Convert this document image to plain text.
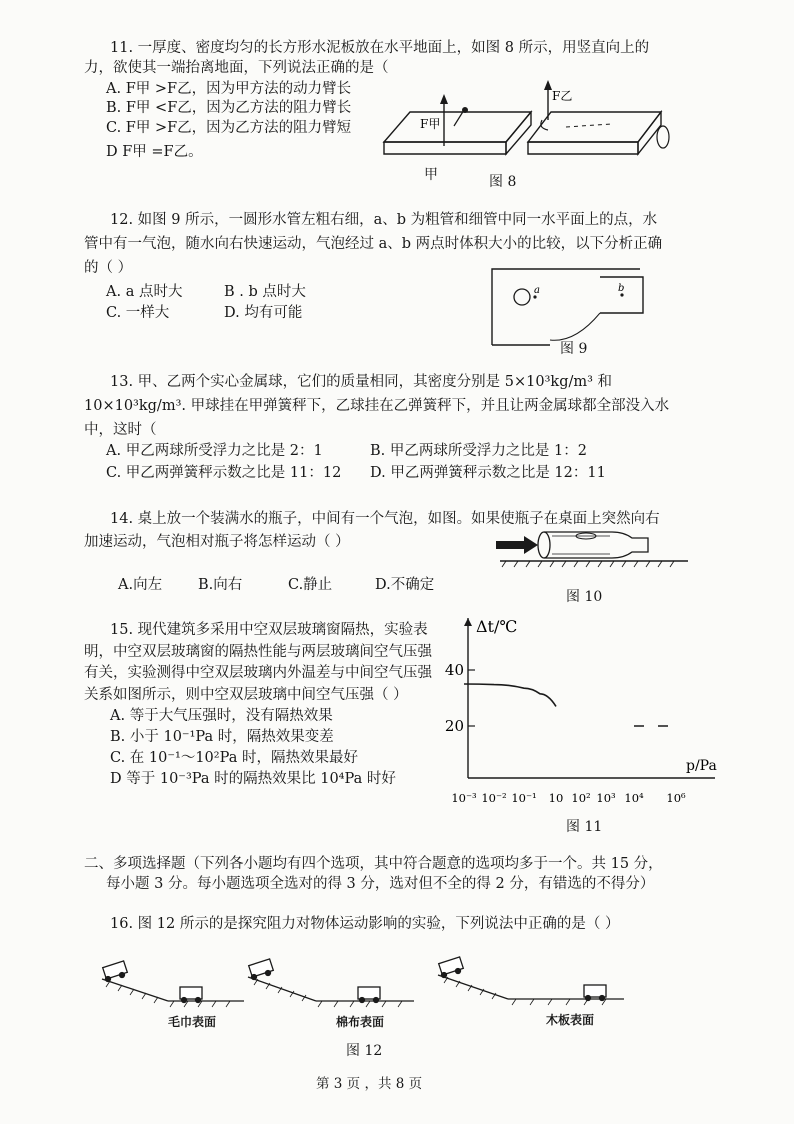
11. 一厚度、密度均匀的长方形水泥板放在水平地面上，如图 8 所示，用竖直向上的
力，欲使其一端抬离地面，下列说法正确的是（
A. F甲 >F乙，因为甲方法的动力臂长
B. F甲 <F乙，因为乙方法的阻力臂长
C. F甲 >F乙，因为乙方法的阻力臂短
D F甲 =F乙。
F甲
F乙
甲	图 8
12. 如图 9 所示，一圆形水管左粗右细，a、b 为粗管和细管中同一水平面上的点，水
管中有一气泡，随水向右快速运动，气泡经过 a、b 两点时体积大小的比较，以下分析正确
的（ ）
A. a 点时大	B . b 点时大
C. 一样大	D. 均有可能
a	b
图 9
13. 甲、乙两个实心金属球，它们的质量相同，其密度分别是 5×10³kg/m³ 和
10×10³kg/m³. 甲球挂在甲弹簧秤下，乙球挂在乙弹簧秤下，并且让两金属球都全部没入水
中，这时（
A. 甲乙两球所受浮力之比是 2：1	B. 甲乙两球所受浮力之比是 1：2
C. 甲乙两弹簧秤示数之比是 11：12 D. 甲乙两弹簧秤示数之比是 12：11
14. 桌上放一个装满水的瓶子，中间有一个气泡，如图。如果使瓶子在桌面上突然向右
加速运动，气泡相对瓶子将怎样运动（ ）
A.向左 B.向右	C.静止	D.不确定
图 10
15. 现代建筑多采用中空双层玻璃窗隔热，实验表
明，中空双层玻璃窗的隔热性能与两层玻璃间空气压强
有关，实验测得中空双层玻璃内外温差与中间空气压强
关系如图所示，则中空双层玻璃中间空气压强（ ）
A. 等于大气压强时，没有隔热效果
B. 小于 10⁻¹Pa 时，隔热效果变差
C. 在 10⁻¹～10²Pa 时，隔热效果最好
D 等于 10⁻³Pa 时的隔热效果比 10⁴Pa 时好
40
20
10⁻³ 10⁻² 10⁻¹ 10 10² 10³ 10⁴ 10⁶
Δt/℃
p/Pa
图 11
二、多项选择题（下列各小题均有四个选项，其中符合题意的选项均多于一个。共 15 分，
每小题 3 分。每小题选项全选对的得 3 分，选对但不全的得 2 分，有错选的不得分）
16. 图 12 所示的是探究阻力对物体运动影响的实验，下列说法中正确的是（ ）
毛巾表面	棉布表面	木板表面
图 12
第 3 页 ，共 8 页
